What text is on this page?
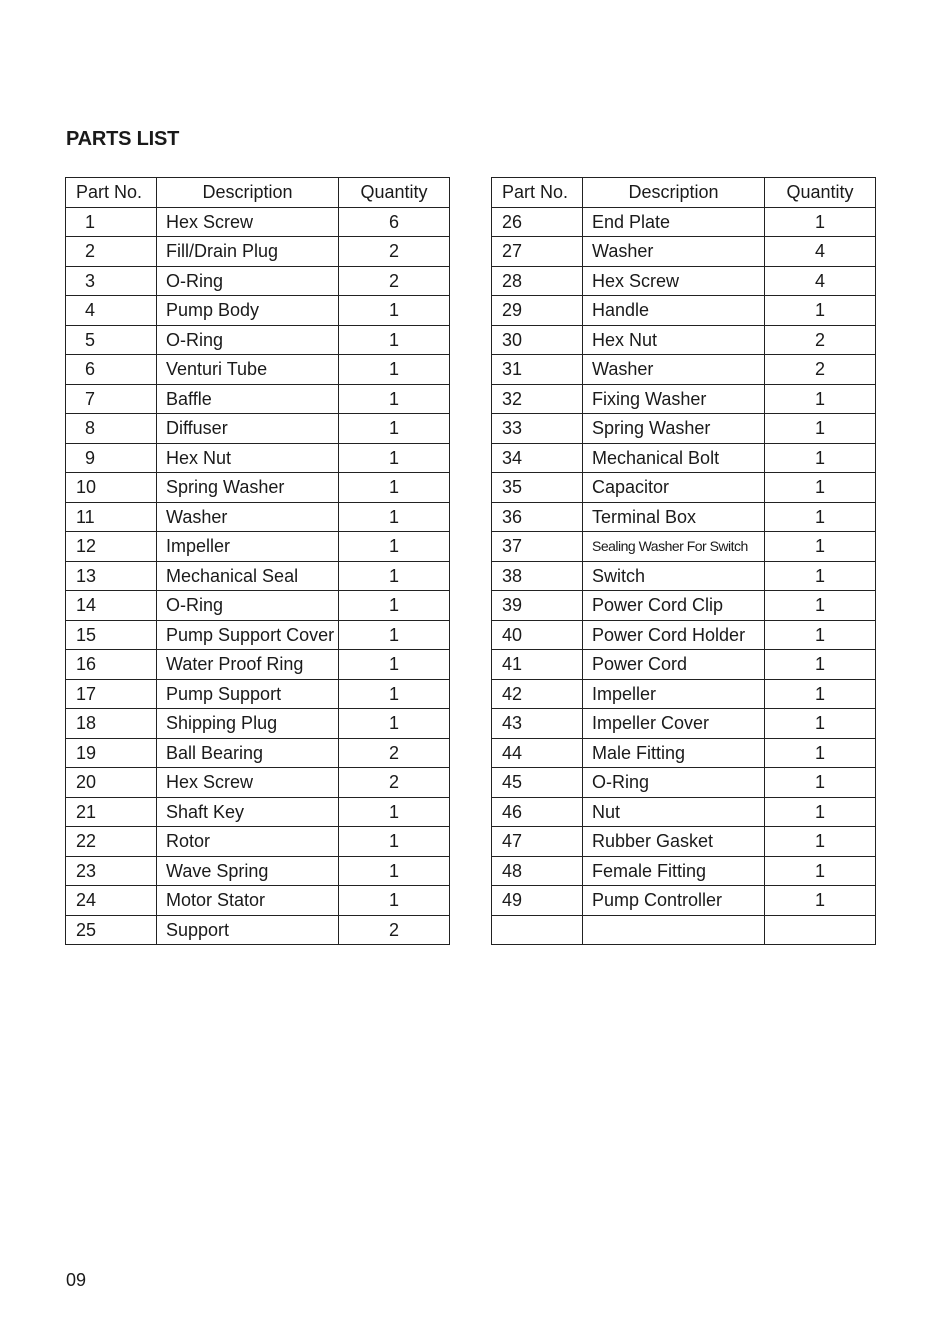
PARTS LIST
Part No.	Description	Quantity
1	Hex Screw	6
2	Fill/Drain Plug	2
3	O-Ring	2
4	Pump Body	1
5	O-Ring	1
6	Venturi Tube	1
7	Baffle	1
8	Diffuser	1
9	Hex Nut	1
10	Spring Washer	1
11	Washer	1
12	Impeller	1
13	Mechanical Seal	1
14	O-Ring	1
15	Pump Support Cover	1
16	Water Proof Ring	1
17	Pump Support	1
18	Shipping Plug	1
19	Ball Bearing	2
20	Hex Screw	2
21	Shaft Key	1
22	Rotor	1
23	Wave Spring	1
24	Motor Stator	1
25	Support	2
Part No.	Description	Quantity
26	End Plate	1
27	Washer	4
28	Hex Screw	4
29	Handle	1
30	Hex Nut	2
31	Washer	2
32	Fixing Washer	1
33	Spring Washer	1
34	Mechanical Bolt	1
35	Capacitor	1
36	Terminal Box	1
37	Sealing Washer For Switch	1
38	Switch	1
39	Power Cord Clip	1
40	Power Cord Holder	1
41	Power Cord	1
42	Impeller	1
43	Impeller Cover	1
44	Male Fitting	1
45	O-Ring	1
46	Nut	1
47	Rubber Gasket	1
48	Female Fitting	1
49	Pump Controller	1

09
